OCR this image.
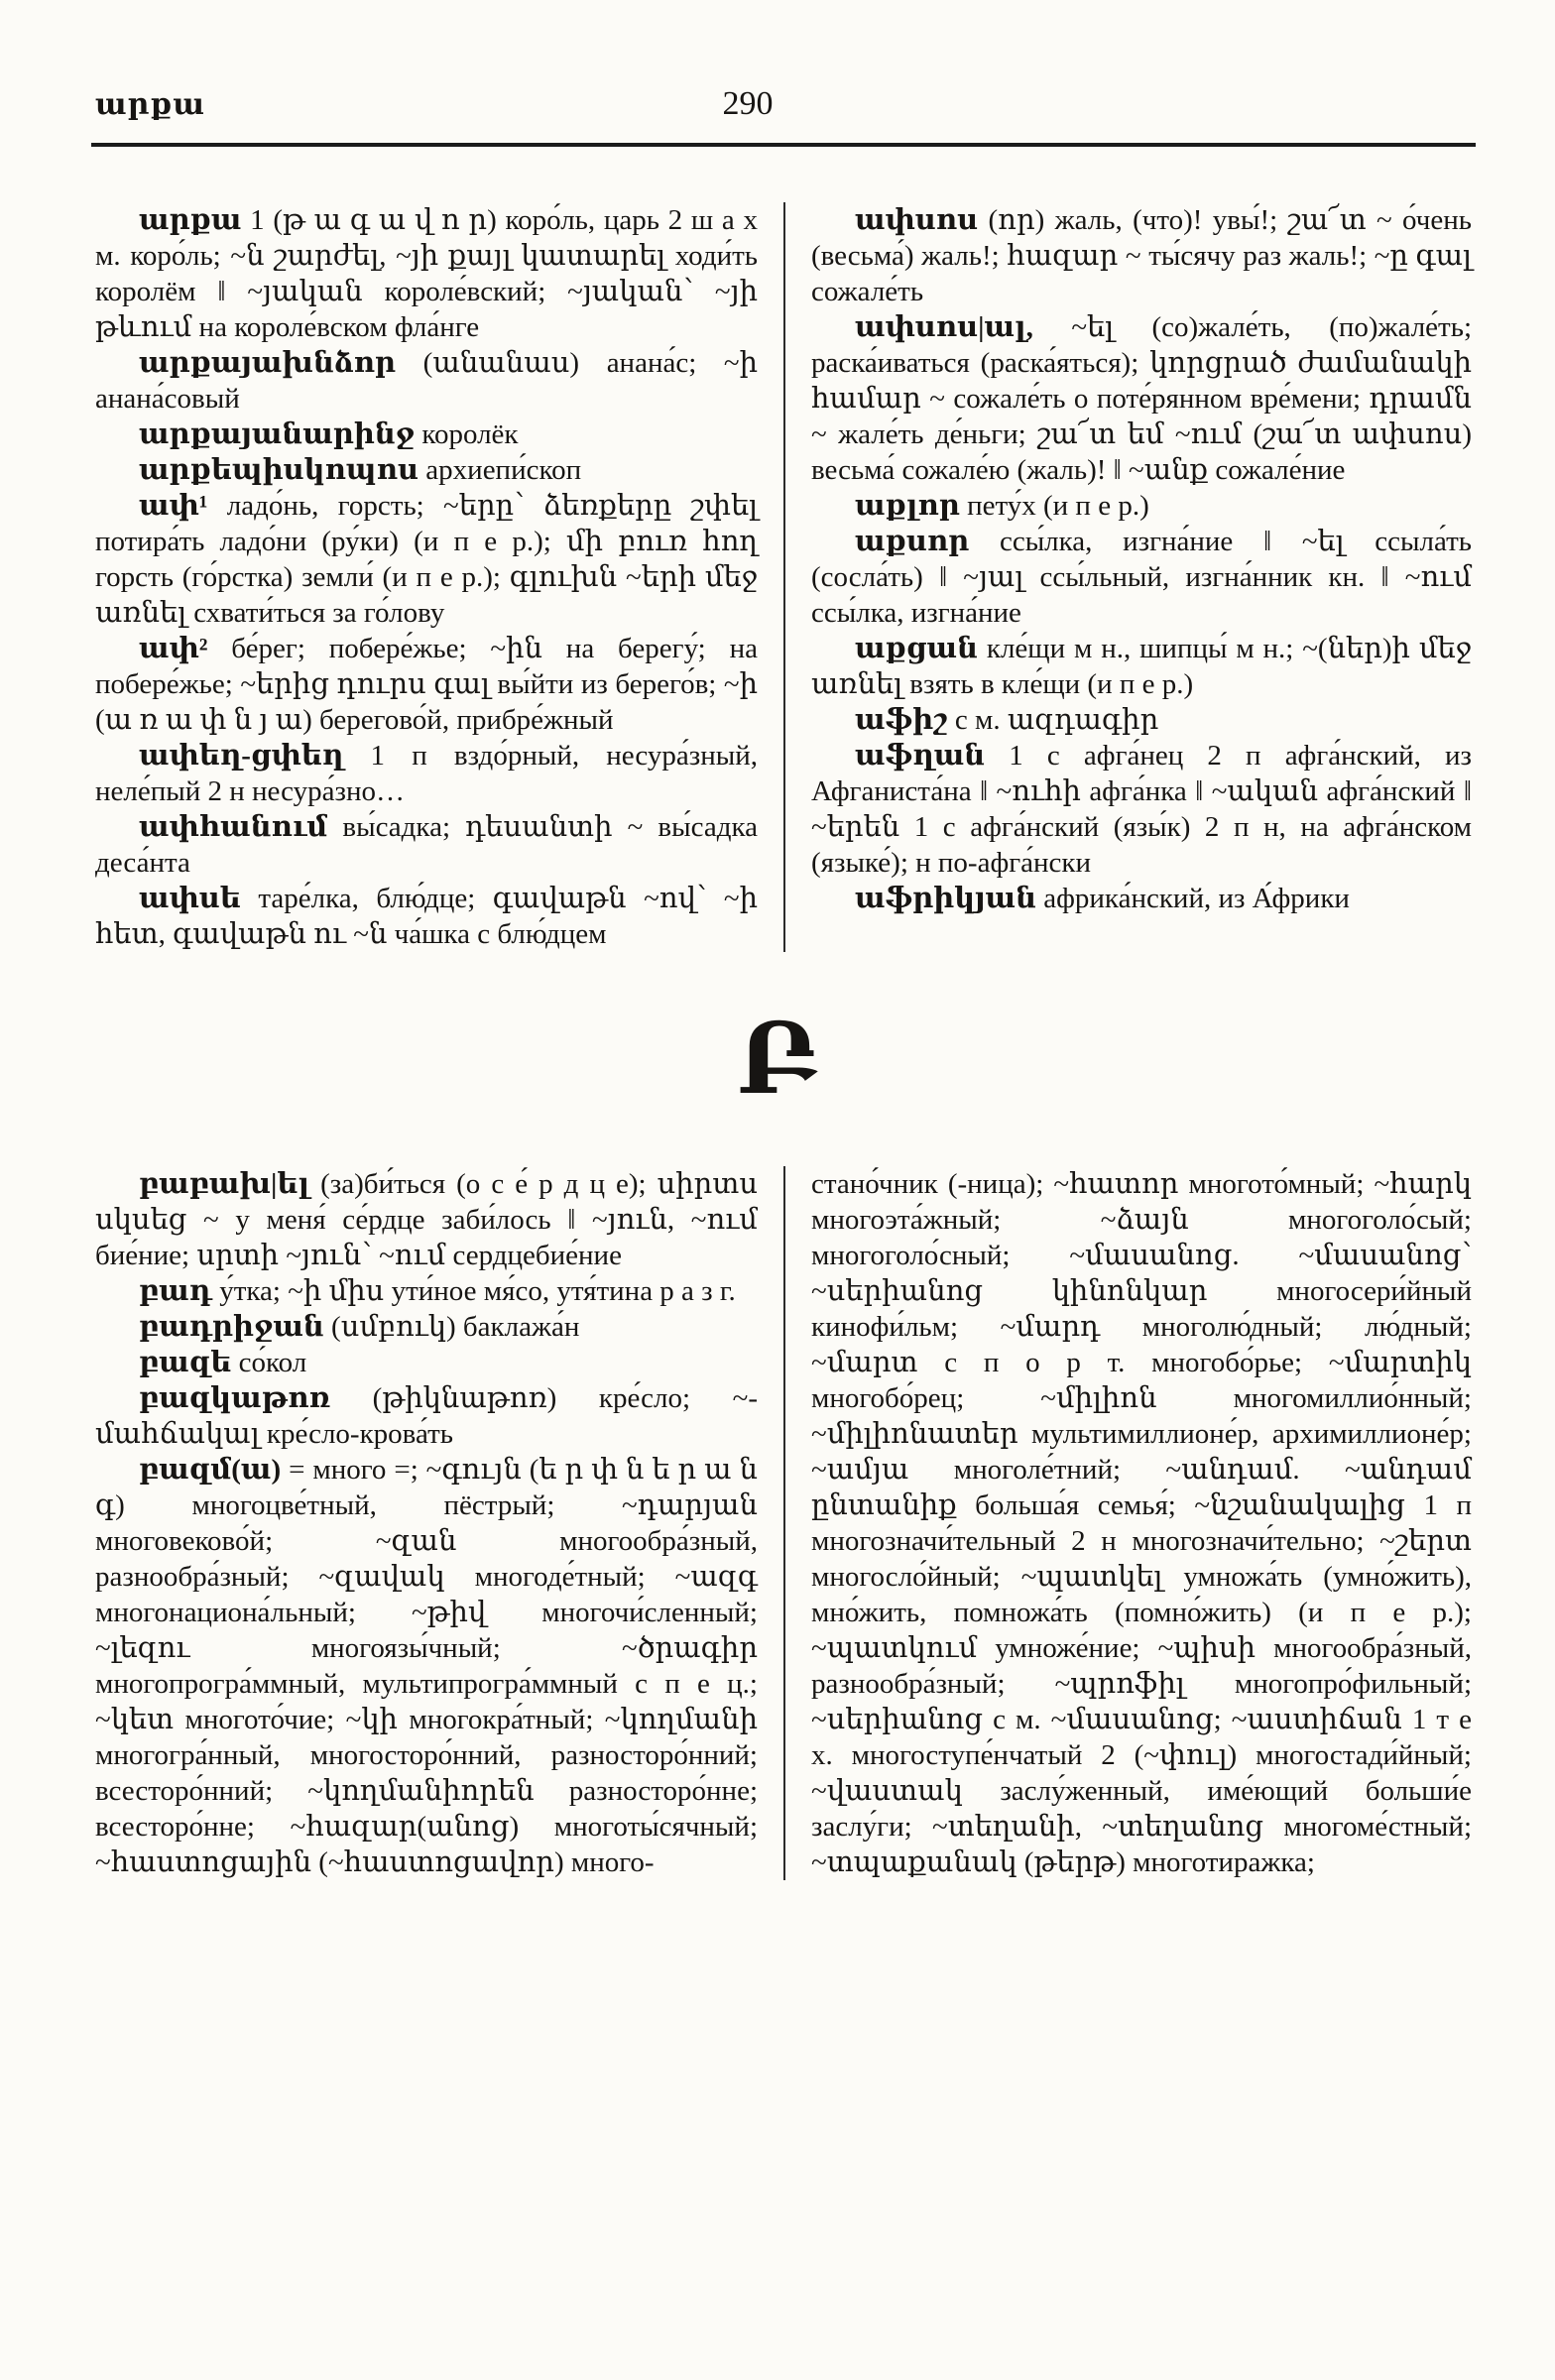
արքա	290

արքա 1 (թ ա գ ա վ ո ր) коро́ль, царь 2 ш а х м. коро́ль; ~ն շարժել, ~յի քայլ կատարել ходи́ть королём ‖ ~յական короле́вский; ~յական՝ ~յի թևում на короле́вском фла́нге

արքայախնձոր (անանաս) анана́с; ~ի анана́совый

արքայանարինջ королёк

արքեպիսկոպոս архиепи́скоп

ափ¹ ладо́нь, горсть; ~երը՝ ձեռքերը շփել потира́ть ладо́ни (ру́ки) (и п е р.); մի բուռ հող горсть (го́рстка) земли́ (и п е р.); գլուխն ~երի մեջ առնել схвати́ться за го́лову

ափ² бе́рег; побере́жье; ~ին на берегу́; на побере́жье; ~երից դուրս գալ вы́йти из берего́в; ~ի (ա ռ ա փ ն յ ա) берегово́й, прибре́жный

ափեղ-ցփեղ 1 п вздо́рный, несура́зный, неле́пый 2 н несура́зно…

ափհանում вы́садка; դեսանտի ~ вы́садка деса́нта

ափսե таре́лка, блю́дце; գավաթն ~ով՝ ~ի հետ, գավաթն ու ~ն ча́шка с блю́дцем

ափսոս (որ) жаль, (что)! увы́!; շա՜տ ~ о́чень (весьма́) жаль!; հազար ~ ты́сячу раз жаль!; ~ը գալ сожале́ть

ափսոս|ալ, ~ել (со)жале́ть, (по)жале́ть; раска́иваться (раска́яться); կորցրած ժամանակի համար ~ сожале́ть о поте́рянном вре́мени; դրամն ~ жале́ть де́ньги; շա՜տ եմ ~ում (շա՜տ ափսոս) весьма́ сожале́ю (жаль)! ‖ ~անք сожале́ние

աքլոր пету́х (и п е р.)

աքսոր ссы́лка, изгна́ние ‖ ~ել ссыла́ть (сосла́ть) ‖ ~յալ ссы́льный, изгна́нник кн. ‖ ~ում ссы́лка, изгна́ние

աքցան кле́щи м н., шипцы́ м н.; ~(ներ)ի մեջ առնել взять в кле́щи (и п е р.)

աֆիշ с м. ազդագիր

աֆղան 1 с афга́нец 2 п афга́нский, из Афганиста́на ‖ ~ուհի афга́нка ‖ ~ական афга́нский ‖ ~երեն 1 с афга́нский (язы́к) 2 п н, на афга́нском (языке́); н по-афга́нски

աֆրիկյան африка́нский, из А́фрики

Բ

բաբախ|ել (за)би́ться (о с е́ р д ц е); սիրտս սկսեց ~ у меня́ се́рдце заби́лось ‖ ~յուն, ~ում бие́ние; սրտի ~յուն՝ ~ում сердцебие́ние

բադ у́тка; ~ի միս ути́ное мя́со, утя́тина р а з г.

բադրիջան (սմբուկ) баклажа́н

բազե со́кол

բազկաթոռ (թիկնաթոռ) кре́сло; ~-մահճակալ кре́сло-крова́ть

բազմ(ա) = много =; ~գույն (ե ր փ ն ե ր ա ն գ) многоцве́тный, пёстрый; ~դարյան многовеково́й; ~զան многообра́зный, разнообра́зный; ~զավակ многоде́тный; ~ազգ многонациона́льный; ~թիվ многочи́сленный; ~լեզու многоязы́чный; ~ծրագիր многопрогра́ммный, мультипрогра́ммный с п е ц.; ~կետ многото́чие; ~կի многокра́тный; ~կողմանի многогра́нный, многосторо́нний, разносторо́нний; всесторо́нний; ~կողմանիորեն разносторо́нне; всесторо́нне; ~հազար(անոց) многоты́сячный; ~հաստոցային (~հաստոցավոր) много-

стано́чник (-ница); ~հատոր многото́мный; ~հարկ многоэта́жный; ~ձայն многоголо́сый; многоголо́сный; ~մասանոց. ~մասանոց՝ ~սերիանոց կինոնկար многосери́йный кинофи́льм; ~մարդ многолю́дный; лю́дный; ~մարտ с п о р т. многобо́рье; ~մարտիկ многобо́рец; ~միլիոն многомиллио́нный; ~միլիոնատեր мультимиллионе́р, архимиллионе́р; ~ամյա многоле́тний; ~անդամ. ~անդամ ընտանիք больша́я семья́; ~նշանակալից 1 п многозначи́тельный 2 н многозначи́тельно; ~շերտ многосло́йный; ~պատկել умножа́ть (умно́жить), мно́жить, помножа́ть (помно́жить) (и п е р.); ~պատկում умноже́ние; ~պիսի многообра́зный, разнообра́зный; ~պրոֆիլ многопро́фильный; ~սերիանոց с м. ~մասանոց; ~աստիճան 1 т е х. многоступе́нчатый 2 (~փուլ) многостади́йный; ~վաստակ заслу́женный, име́ющий больши́е заслу́ги; ~տեղանի, ~տեղանոց многоме́стный; ~տպաքանակ (թերթ) многотиражка;
